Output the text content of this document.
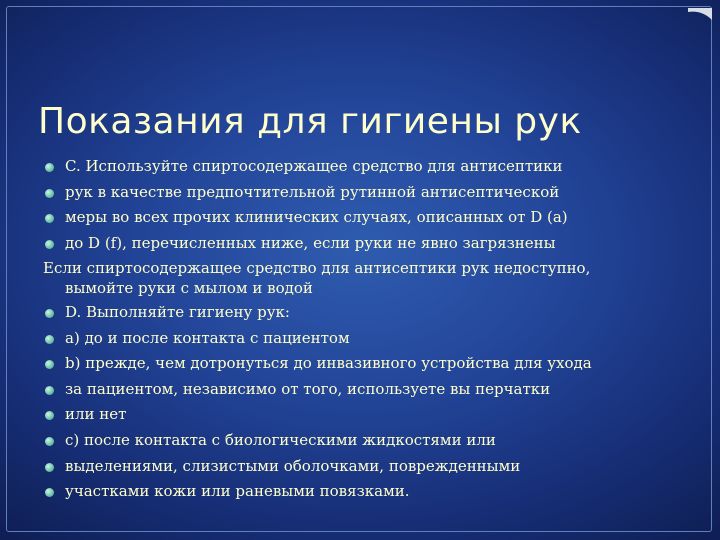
Показания для гигиены рук
C. Используйте спиртосодержащее средство для антисептики
рук в качестве предпочтительной рутинной антисептической
меры во всех прочих клинических случаях, описанных от D (a)
до D (f), перечисленных ниже, если руки не явно загрязнены
Если спиртосодержащее средство для антисептики рук недоступно,
вымойте руки с мылом и водой
D. Выполняйте гигиену рук:
a) до и после контакта с пациентом
b) прежде, чем дотронуться до инвазивного устройства для ухода
за пациентом, независимо от того, используете вы перчатки
или нет
c) после контакта с биологическими жидкостями или
выделениями, слизистыми оболочками, поврежденными
участками кожи или раневыми повязками.
